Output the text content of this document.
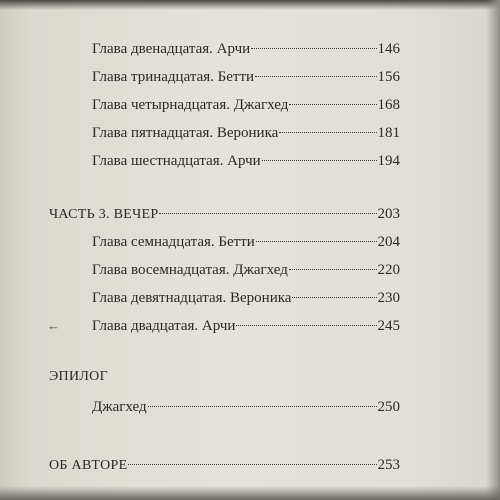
Глава двенадцатая. Арчи	146
Глава тринадцатая. Бетти	156
Глава четырнадцатая. Джагхед	168
Глава пятнадцатая. Вероника	181
Глава шестнадцатая. Арчи	194
ЧАСТЬ 3. ВЕЧЕР	203
Глава семнадцатая. Бетти	204
Глава восемнадцатая. Джагхед	220
Глава девятнадцатая. Вероника	230
Глава двадцатая. Арчи	245
←
ЭПИЛОГ
Джагхед	250
ОБ АВТОРЕ	253
